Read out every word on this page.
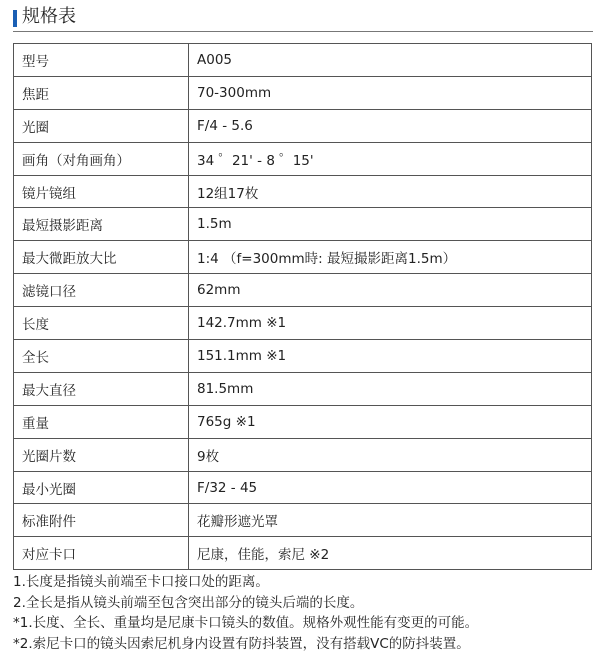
规格表
型号	A005
焦距	70-300mm
光圈	F/4 - 5.6
画角（对角画角）	34 ゜21' - 8 ゜15'
镜片镜组	12组17枚
最短摄影距离	1.5m
最大微距放大比	1:4 （f=300mm時: 最短撮影距离1.5m）
滤镜口径	62mm
长度	142.7mm ※1
全长	151.1mm ※1
最大直径	81.5mm
重量	765g ※1
光圈片数	9枚
最小光圈	F/32 - 45
标准附件	花瓣形遮光罩
对应卡口	尼康，佳能，索尼 ※2
1.长度是指镜头前端至卡口接口处的距离。
2.全长是指从镜头前端至包含突出部分的镜头后端的长度。
*1.长度、全长、重量均是尼康卡口镜头的数值。规格外观性能有变更的可能。
*2.索尼卡口的镜头因索尼机身内设置有防抖装置，没有搭载VC的防抖装置。
